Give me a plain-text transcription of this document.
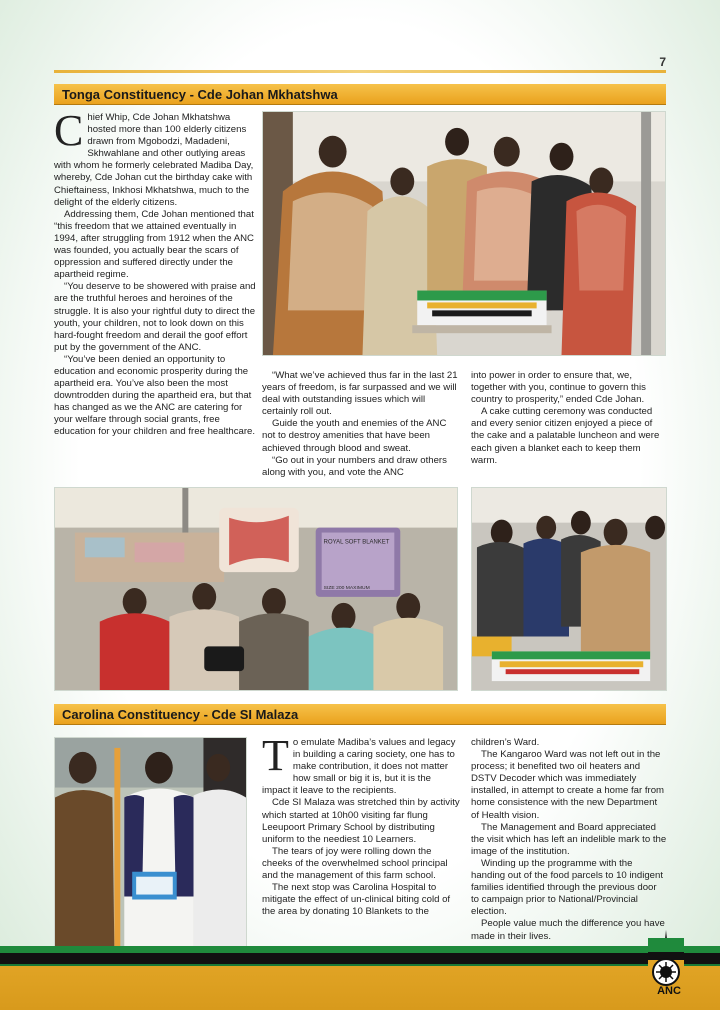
7
Tonga Constituency - Cde Johan Mkhatshwa

Chief Whip, Cde Johan Mkhatshwa hosted more than 100 elderly citizens drawn from Mgobodzi, Madadeni, Skhwahlane and other outlying areas with whom he formerly celebrated Madiba Day, whereby, Cde Johan cut the birthday cake with Chieftainess, Inkhosi Mkhatshwa, much to the delight of the elderly citizens.

Addressing them, Cde Johan mentioned that “this freedom that we attained eventually in 1994, after struggling from 1912 when the ANC was founded, you actually bear the scars of oppression and suffered directly under the apartheid regime.

“You deserve to be showered with praise and are the truthful heroes and heroines of the struggle. It is also your rightful duty to direct the youth, your children, not to look down on this hard-fought freedom and derail the goof effort put by the government of the ANC.

“You’ve been denied an opportunity to education and economic prosperity during the apartheid era. You’ve also been the most downtrodden during the apartheid era, but that has changed as we the ANC are catering for your welfare through social grants, free education for your children and free healthcare.

“What we’ve achieved thus far in the last 21 years of freedom, is far surpassed and we will deal with outstanding issues which will certainly roll out.

Guide the youth and enemies of the ANC not to destroy amenities that have been achieved through blood and sweat.

“Go out in your numbers and draw others along with you, and vote the ANC

into power in order to ensure that, we, together with you, continue to govern this country to prosperity,” ended Cde Johan.

A cake cutting ceremony was conducted and every senior citizen enjoyed a piece of the cake and a palatable luncheon and were each given a blanket each to keep them warm.

ROYAL SOFT BLANKET
SIZE 200 MAXIMUM
Carolina Constituency - Cde SI Malaza

To emulate Madiba’s values and legacy in building a caring society, one has to make contribution, it does not matter how small or big it is, but it is the impact it leave to the recipients.

Cde SI Malaza was stretched thin by activity which started at 10h00 visiting far flung Leeupoort Primary School by distributing uniform to the neediest 10 Learners.

The tears of joy were rolling down the cheeks of the overwhelmed school principal and the management of this farm school.

The next stop was Carolina Hospital to mitigate the effect of un-clinical biting cold of the area by donating 10 Blankets to the

children’s Ward.

The Kangaroo Ward was not left out in the process; it benefited two oil heaters and DSTV Decoder which was immediately installed, in attempt to create a home far from home consistence with the new Department of Health vision.

The Management and Board appreciated the visit which has left an indelible mark to the image of the institution.

Winding up the programme with the handing out of the food parcels to 10 indigent families identified through the previous door to campaign prior to National/Provincial election.

People value much the difference you have made in their lives.

ANC
